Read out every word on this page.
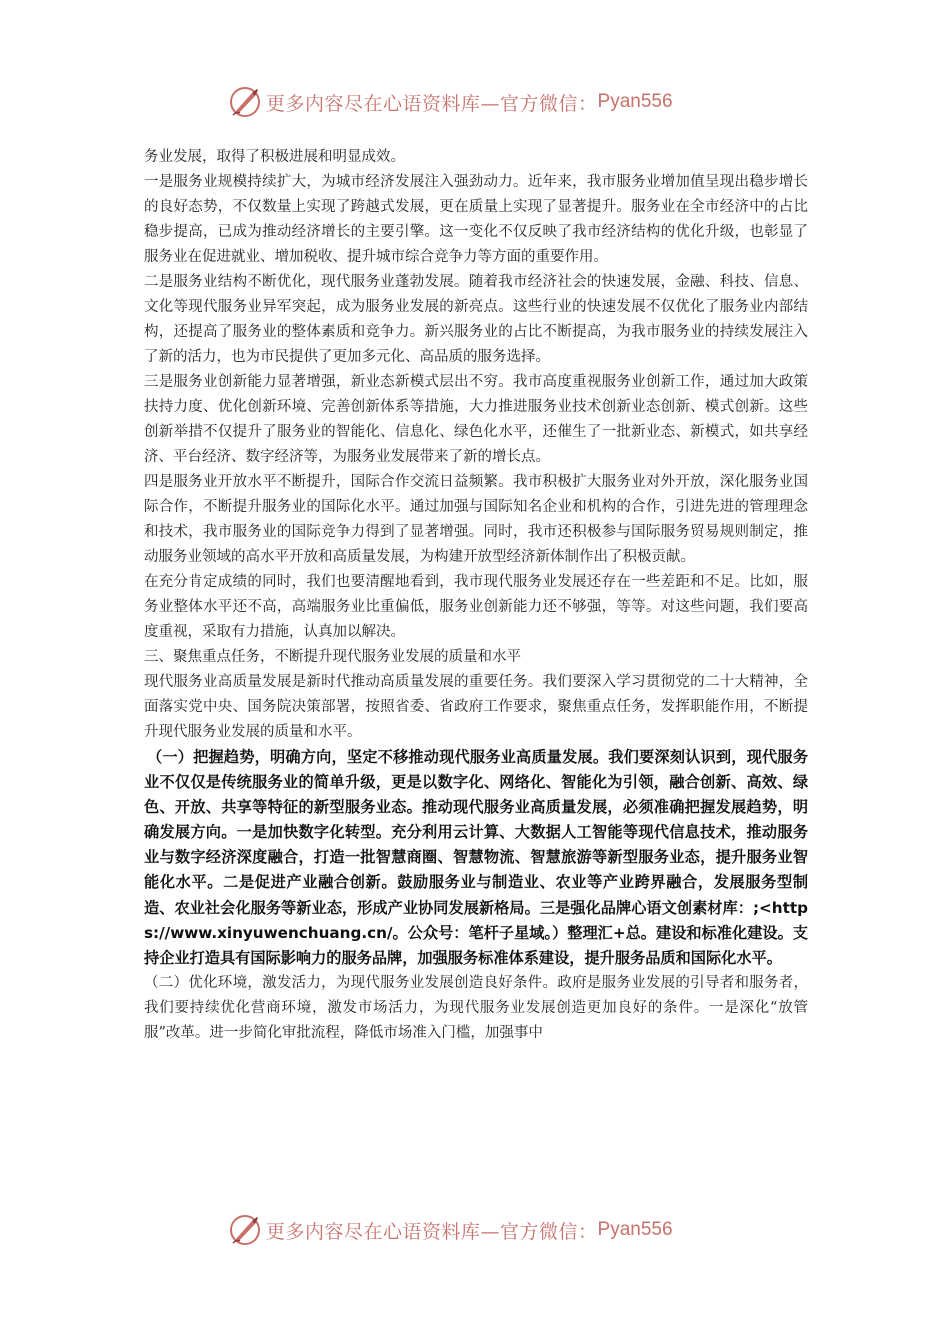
更多内容尽在心语资料库—官方微信： Pyan556

务业发展，取得了积极进展和明显成效。

一是服务业规模持续扩大，为城市经济发展注入强劲动力。近年来，我市服务业增加值呈现出稳步增长的良好态势，不仅数量上实现了跨越式发展，更在质量上实现了显著提升。服务业在全市经济中的占比稳步提高，已成为推动经济增长的主要引擎。这一变化不仅反映了我市经济结构的优化升级，也彰显了服务业在促进就业、增加税收、提升城市综合竞争力等方面的重要作用。

二是服务业结构不断优化，现代服务业蓬勃发展。随着我市经济社会的快速发展，金融、科技、信息、文化等现代服务业异军突起，成为服务业发展的新亮点。这些行业的快速发展不仅优化了服务业内部结构，还提高了服务业的整体素质和竞争力。新兴服务业的占比不断提高，为我市服务业的持续发展注入了新的活力，也为市民提供了更加多元化、高品质的服务选择。

三是服务业创新能力显著增强，新业态新模式层出不穷。我市高度重视服务业创新工作，通过加大政策扶持力度、优化创新环境、完善创新体系等措施，大力推进服务业技术创新业态创新、模式创新。这些创新举措不仅提升了服务业的智能化、信息化、绿色化水平，还催生了一批新业态、新模式，如共享经济、平台经济、数字经济等，为服务业发展带来了新的增长点。

四是服务业开放水平不断提升，国际合作交流日益频繁。我市积极扩大服务业对外开放，深化服务业国际合作，不断提升服务业的国际化水平。通过加强与国际知名企业和机构的合作，引进先进的管理理念和技术，我市服务业的国际竞争力得到了显著增强。同时，我市还积极参与国际服务贸易规则制定，推动服务业领域的高水平开放和高质量发展，为构建开放型经济新体制作出了积极贡献。

在充分肯定成绩的同时，我们也要清醒地看到，我市现代服务业发展还存在一些差距和不足。比如，服务业整体水平还不高，高端服务业比重偏低，服务业创新能力还不够强，等等。对这些问题，我们要高度重视，采取有力措施，认真加以解决。

三、聚焦重点任务，不断提升现代服务业发展的质量和水平

现代服务业高质量发展是新时代推动高质量发展的重要任务。我们要深入学习贯彻党的二十大精神，全面落实党中央、国务院决策部署，按照省委、省政府工作要求，聚焦重点任务，发挥职能作用，不断提升现代服务业发展的质量和水平。

（一）把握趋势，明确方向，坚定不移推动现代服务业高质量发展。我们要深刻认识到，现代服务业不仅仅是传统服务业的简单升级，更是以数字化、网络化、智能化为引领，融合创新、高效、绿色、开放、共享等特征的新型服务业态。推动现代服务业高质量发展，必须准确把握发展趋势，明确发展方向。一是加快数字化转型。充分利用云计算、大数据人工智能等现代信息技术，推动服务业与数字经济深度融合，打造一批智慧商圈、智慧物流、智慧旅游等新型服务业态，提升服务业智能化水平。二是促进产业融合创新。鼓励服务业与制造业、农业等产业跨界融合，发展服务型制造、农业社会化服务等新业态，形成产业协同发展新格局。三是强化品牌心语文创素材库：;<https://www.xinyuwenchuang.cn/。公众号：笔杆子星域。）整理汇+总。建设和标准化建设。支持企业打造具有国际影响力的服务品牌，加强服务标准体系建设，提升服务品质和国际化水平。

（二）优化环境，激发活力，为现代服务业发展创造良好条件。政府是服务业发展的引导者和服务者，我们要持续优化营商环境，激发市场活力，为现代服务业发展创造更加良好的条件。一是深化“放管服”改革。进一步简化审批流程，降低市场准入门槛，加强事中

更多内容尽在心语资料库—官方微信： Pyan556
